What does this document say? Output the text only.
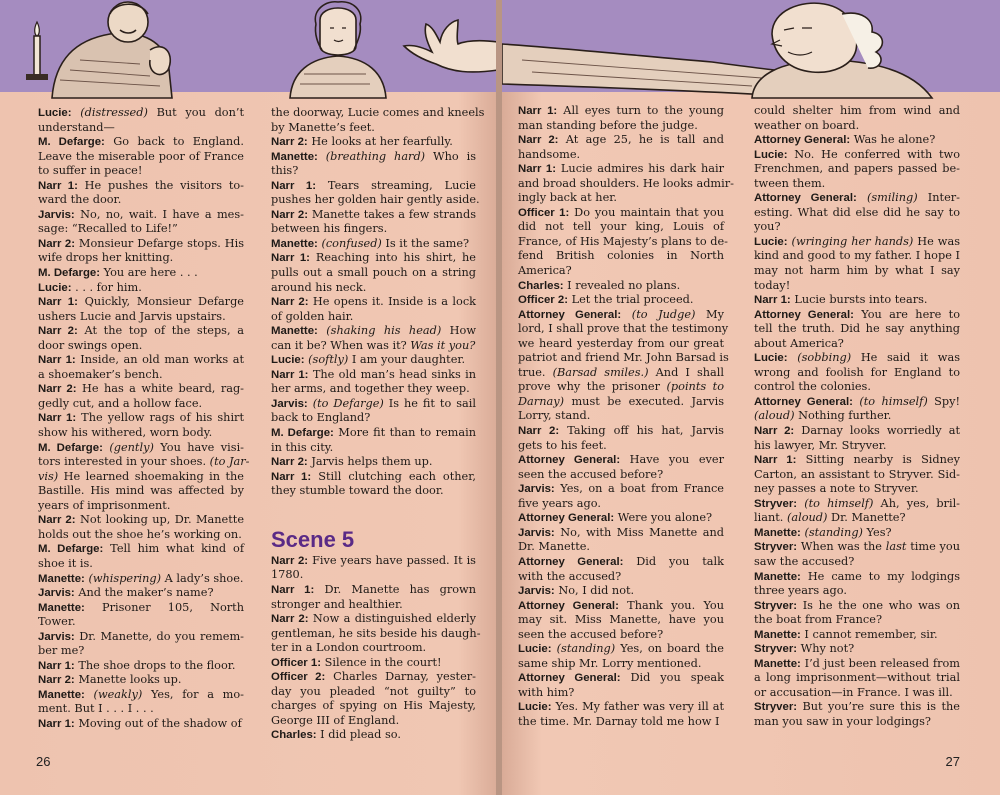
Lucie: (distressed) But you don’t
understand—
M. Defarge: Go back to England.
Leave the miserable poor of France
to suffer in peace!
Narr 1: He pushes the visitors to-
ward the door.
Jarvis: No, no, wait. I have a mes-
sage: “Recalled to Life!”
Narr 2: Monsieur Defarge stops. His
wife drops her knitting.
M. Defarge: You are here . . .
Lucie: . . . for him.
Narr 1: Quickly, Monsieur Defarge
ushers Lucie and Jarvis upstairs.
Narr 2: At the top of the steps, a
door swings open.
Narr 1: Inside, an old man works at
a shoemaker’s bench.
Narr 2: He has a white beard, rag-
gedly cut, and a hollow face.
Narr 1: The yellow rags of his shirt
show his withered, worn body.
M. Defarge: (gently) You have visi-
tors interested in your shoes. (to Jar-
vis) He learned shoemaking in the
Bastille. His mind was affected by
years of imprisonment.
Narr 2: Not looking up, Dr. Manette
holds out the shoe he’s working on.
M. Defarge: Tell him what kind of
shoe it is.
Manette: (whispering) A lady’s shoe.
Jarvis: And the maker’s name?
Manette: Prisoner 105, North
Tower.
Jarvis: Dr. Manette, do you remem-
ber me?
Narr 1: The shoe drops to the floor.
Narr 2: Manette looks up.
Manette: (weakly) Yes, for a mo-
ment. But I . . . I . . .
Narr 1: Moving out of the shadow of
the doorway, Lucie comes and kneels
by Manette’s feet.
Narr 2: He looks at her fearfully.
Manette: (breathing hard) Who is
this?
Narr 1: Tears streaming, Lucie
pushes her golden hair gently aside.
Narr 2: Manette takes a few strands
between his fingers.
Manette: (confused) Is it the same?
Narr 1: Reaching into his shirt, he
pulls out a small pouch on a string
around his neck.
Narr 2: He opens it. Inside is a lock
of golden hair.
Manette: (shaking his head) How
can it be? When was it? Was it you?
Lucie: (softly) I am your daughter.
Narr 1: The old man’s head sinks in
her arms, and together they weep.
Jarvis: (to Defarge) Is he fit to sail
back to England?
M. Defarge: More fit than to remain
in this city.
Narr 2: Jarvis helps them up.
Narr 1: Still clutching each other,
they stumble toward the door.

Scene 5
Narr 2: Five years have passed. It is
1780.
Narr 1: Dr. Manette has grown
stronger and healthier.
Narr 2: Now a distinguished elderly
gentleman, he sits beside his daugh-
ter in a London courtroom.
Officer 1: Silence in the court!
Officer 2: Charles Darnay, yester-
day you pleaded “not guilty” to
charges of spying on His Majesty,
George III of England.
Charles: I did plead so.
26
Narr 1: All eyes turn to the young
man standing before the judge.
Narr 2: At age 25, he is tall and
handsome.
Narr 1: Lucie admires his dark hair
and broad shoulders. He looks admir-
ingly back at her.
Officer 1: Do you maintain that you
did not tell your king, Louis of
France, of His Majesty’s plans to de-
fend British colonies in North
America?
Charles: I revealed no plans.
Officer 2: Let the trial proceed.
Attorney General: (to Judge) My
lord, I shall prove that the testimony
we heard yesterday from our great
patriot and friend Mr. John Barsad is
true. (Barsad smiles.) And I shall
prove why the prisoner (points to
Darnay) must be executed. Jarvis
Lorry, stand.
Narr 2: Taking off his hat, Jarvis
gets to his feet.
Attorney General: Have you ever
seen the accused before?
Jarvis: Yes, on a boat from France
five years ago.
Attorney General: Were you alone?
Jarvis: No, with Miss Manette and
Dr. Manette.
Attorney General: Did you talk
with the accused?
Jarvis: No, I did not.
Attorney General: Thank you. You
may sit. Miss Manette, have you
seen the accused before?
Lucie: (standing) Yes, on board the
same ship Mr. Lorry mentioned.
Attorney General: Did you speak
with him?
Lucie: Yes. My father was very ill at
the time. Mr. Darnay told me how I
could shelter him from wind and
weather on board.
Attorney General: Was he alone?
Lucie: No. He conferred with two
Frenchmen, and papers passed be-
tween them.
Attorney General: (smiling) Inter-
esting. What did else did he say to
you?
Lucie: (wringing her hands) He was
kind and good to my father. I hope I
may not harm him by what I say
today!
Narr 1: Lucie bursts into tears.
Attorney General: You are here to
tell the truth. Did he say anything
about America?
Lucie: (sobbing) He said it was
wrong and foolish for England to
control the colonies.
Attorney General: (to himself) Spy!
(aloud) Nothing further.
Narr 2: Darnay looks worriedly at
his lawyer, Mr. Stryver.
Narr 1: Sitting nearby is Sidney
Carton, an assistant to Stryver. Sid-
ney passes a note to Stryver.
Stryver: (to himself) Ah, yes, bril-
liant. (aloud) Dr. Manette?
Manette: (standing) Yes?
Stryver: When was the last time you
saw the accused?
Manette: He came to my lodgings
three years ago.
Stryver: Is he the one who was on
the boat from France?
Manette: I cannot remember, sir.
Stryver: Why not?
Manette: I’d just been released from
a long imprisonment—without trial
or accusation—in France. I was ill.
Stryver: But you’re sure this is the
man you saw in your lodgings?
27
